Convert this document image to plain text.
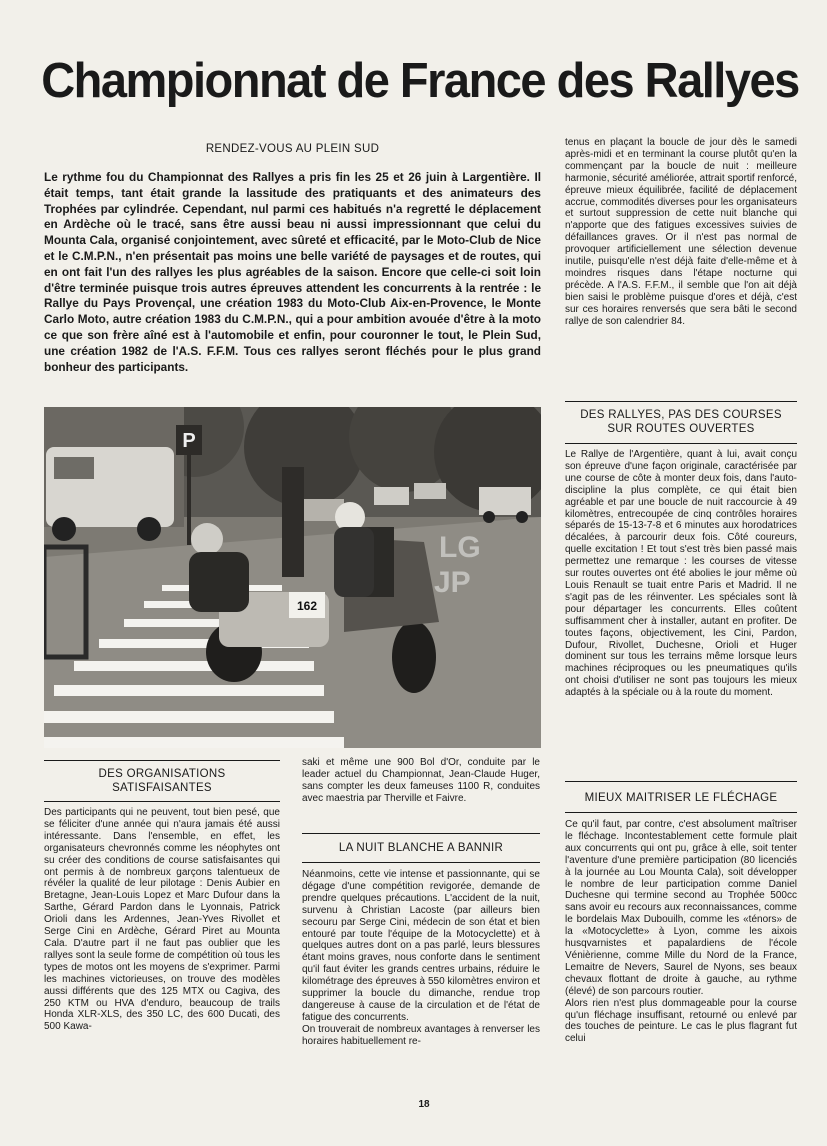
Championnat de France des Rallyes
RENDEZ-VOUS AU PLEIN SUD
Le rythme fou du Championnat des Rallyes a pris fin les 25 et 26 juin à Largentière. Il était temps, tant était grande la lassitude des pratiquants et des animateurs des Trophées par cylindrée. Cependant, nul parmi ces habitués n'a regretté le déplacement en Ardèche où le tracé, sans être aussi beau ni aussi impressionnant que celui du Mounta Cala, organisé conjointement, avec sûreté et efficacité, par le Moto-Club de Nice et le C.M.P.N., n'en présentait pas moins une belle variété de paysages et de routes, qui en ont fait l'un des rallyes les plus agréables de la saison. Encore que celle-ci soit loin d'être terminée puisque trois autres épreuves attendent les concurrents à la rentrée : le Rallye du Pays Provençal, une création 1983 du Moto-Club Aix-en-Provence, le Monte Carlo Moto, autre création 1983 du C.M.P.N., qui a pour ambition avouée d'être à la moto ce que son frère aîné est à l'automobile et enfin, pour couronner le tout, le Plein Sud, une création 1982 de l'A.S. F.F.M. Tous ces rallyes seront fléchés pour le plus grand bonheur des participants.
P
162
LG
JP
tenus en plaçant la boucle de jour dès le samedi après-midi et en terminant la course plutôt qu'en la commençant par la boucle de nuit : meilleure harmonie, sécurité améliorée, attrait sportif renforcé, épreuve mieux équilibrée, facilité de déplacement accrue, commodités diverses pour les organisateurs et surtout suppression de cette nuit blanche qui n'apporte que des fatigues excessives suivies de défaillances graves. Or il n'est pas normal de provoquer artificiellement une sélection devenue inutile, puisqu'elle n'est déjà faite d'elle-même et à moindres risques dans l'étape nocturne qui précède. A l'A.S. F.F.M., il semble que l'on ait déjà bien saisi le problème puisque d'ores et déjà, c'est sur ces horaires renversés que sera bâti le second rallye de son calendrier 84.
DES RALLYES, PAS DES COURSES
SUR ROUTES OUVERTES
Le Rallye de l'Argentière, quant à lui, avait conçu son épreuve d'une façon originale, caractérisée par une course de côte à monter deux fois, dans l'auto-discipline la plus complète, ce qui était bien agréable et par une boucle de nuit raccourcie à 49 kilomètres, entrecoupée de cinq contrôles horaires séparés de 15-13-7-8 et 6 minutes aux horodatrices décalées, à parcourir deux fois. Côté coureurs, quelle excitation ! Et tout s'est très bien passé mais permettez une remarque : les courses de vitesse sur routes ouvertes ont été abolies le jour même où Louis Renault se tuait entre Paris et Madrid. Il ne s'agit pas de les réinventer. Les spéciales sont là pour départager les concurrents. Elles coûtent suffisamment cher à installer, autant en profiter. De toutes façons, objectivement, les Cini, Pardon, Dufour, Rivollet, Duchesne, Orioli et Huger dominent sur tous les terrains même lorsque leurs machines réciproques ou les pneumatiques qu'ils ont choisi d'utiliser ne sont pas toujours les mieux adaptés à la spéciale ou à la route du moment.
MIEUX MAITRISER LE FLÉCHAGE
Ce qu'il faut, par contre, c'est absolument maîtriser le fléchage. Incontestablement cette formule plait aux concurrents qui ont pu, grâce à elle, soit tenter l'aventure d'une première participation (80 licenciés à la journée au Lou Mounta Cala), soit développer le nombre de leur participation comme Daniel Duchesne qui termine second au Trophée 500cc sans avoir eu recours aux reconnaissances, comme le bordelais Max Dubouilh, comme les «ténors» de la «Motocyclette» à Lyon, comme les aixois husqvarnistes et papalardiens de l'école Vénièrienne, comme Mille du Nord de la France, Lemaitre de Nevers, Saurel de Nyons, ses beaux chevaux flottant de droite à gauche, au rythme (élevé) de son parcours routier.
Alors rien n'est plus dommageable pour la course qu'un fléchage insuffisant, retourné ou enlevé par des touches de peinture. Le cas le plus flagrant fut celui
DES ORGANISATIONS
SATISFAISANTES
Des participants qui ne peuvent, tout bien pesé, que se féliciter d'une année qui n'aura jamais été aussi intéressante. Dans l'ensemble, en effet, les organisateurs chevronnés comme les néophytes ont su créer des conditions de course satisfaisantes qui ont permis à de nombreux garçons talentueux de révéler la qualité de leur pilotage : Denis Aubier en Bretagne, Jean-Louis Lopez et Marc Dufour dans la Sarthe, Gérard Pardon dans le Lyonnais, Patrick Orioli dans les Ardennes, Jean-Yves Rivollet et Serge Cini en Ardèche, Gérard Piret au Mounta Cala. D'autre part il ne faut pas oublier que les rallyes sont la seule forme de compétition où tous les types de motos ont les moyens de s'exprimer. Parmi les machines victorieuses, on trouve des modèles aussi différents que des 125 MTX ou Cagiva, des 250 KTM ou HVA d'enduro, beaucoup de trails Honda XLR-XLS, des 350 LC, des 600 Ducati, des 500 Kawa-
saki et même une 900 Bol d'Or, conduite par le leader actuel du Championnat, Jean-Claude Huger, sans compter les deux fameuses 1100 R, conduites avec maestria par Therville et Faivre.
LA NUIT BLANCHE A BANNIR
Néanmoins, cette vie intense et passionnante, qui se dégage d'une compétition revigorée, demande de prendre quelques précautions. L'accident de la nuit, survenu à Christian Lacoste (par ailleurs bien secouru par Serge Cini, médecin de son état et bien entouré par toute l'équipe de la Motocyclette) et à quelques autres dont on a pas parlé, leurs blessures étant moins graves, nous conforte dans le sentiment qu'il faut éviter les grands centres urbains, réduire le kilométrage des épreuves à 550 kilomètres environ et supprimer la boucle du dimanche, rendue trop dangereuse à cause de la circulation et de l'état de fatigue des concurrents.
On trouverait de nombreux avantages à renverser les horaires habituellement re-
18
